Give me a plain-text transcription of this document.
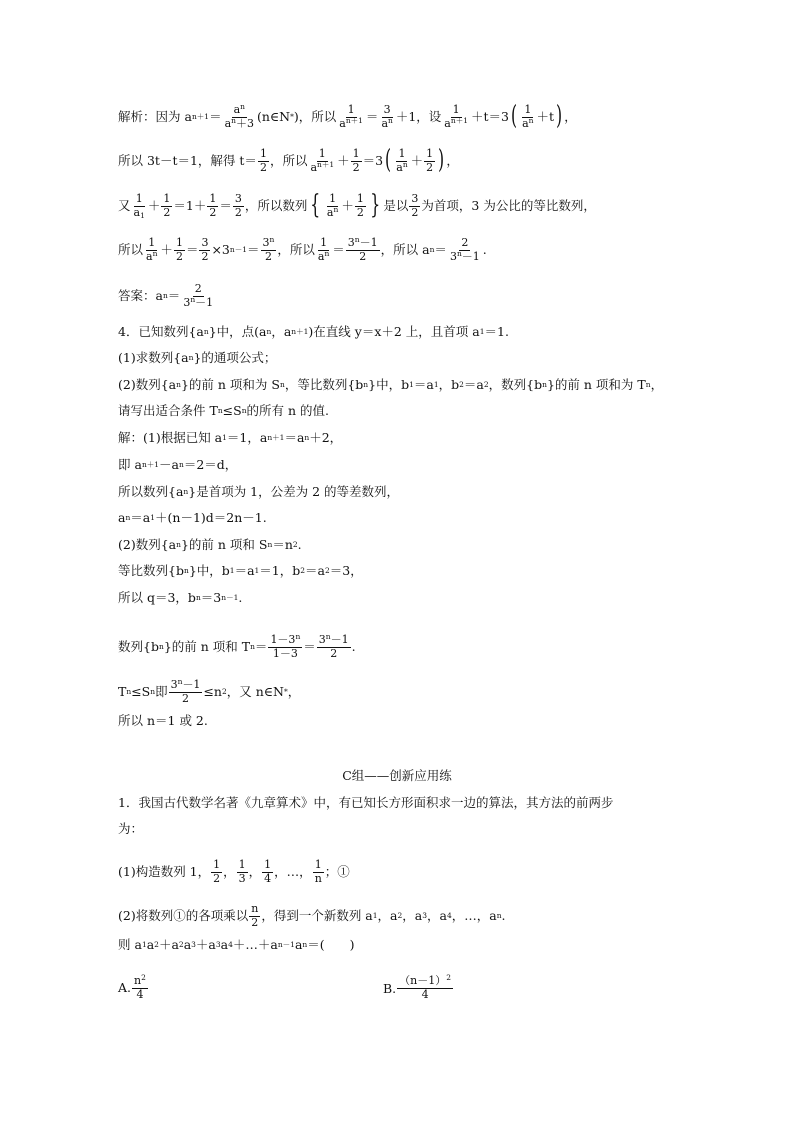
解析： 因为 a $n+1 = \frac{a^n}{a^n+3}$ (n∈N * )，所以 $\frac{1}{a^{n+1}} = \frac{3}{a^n} +1$，设 $\frac{1}{a^{n+1}} +t=3$ ( $\frac{1}{a^n} +t$ ) ，
所以 3t－t＝1，解得 $t= \frac{1}{2}$ ，所以 $\frac{1}{a^{n+1}} + \frac{1}{2} =3$ ( $\frac{1}{a^n} + \frac{1}{2}$ ) ，
又 $\frac{1}{a_1} + \frac{1}{2} =1+ \frac{1}{2} = \frac{3}{2}$ ，所以数列 { $\frac{1}{a^n} + \frac{1}{2}$ } 是以 $\frac{3}{2}$ 为首项，3 为公比的等比数列，
所以 $\frac{1}{a^n} + \frac{1}{2} = \frac{3}{2} \times 3$ $n-1 = \frac{3^n}{2}$ ，所以 $\frac{1}{a^n} = \frac{3^n-1}{2}$ ，所以 a $n = \frac{2}{3^n-1}$ .
答案：a $n = \frac{2}{3^n-1}$
4．已知数列{a n }中，点(a n ，a n＋1 )在直线 y＝x＋2 上，且首项 a 1 ＝1.
(1)求数列{a n }的通项公式；
(2)数列{a n }的前 n 项和为 S n ，等比数列{b n }中，b 1 ＝a 1 ，b 2 ＝a 2 ，数列{b n }的前 n 项和为 T n ，
请写出适合条件 T n ≤S n 的所有 n 的值.
解：(1)根据已知 a 1 ＝1，a n＋1 ＝a n ＋2，
即 a n＋1 －a n ＝2＝d，
所以数列{a n }是首项为 1，公差为 2 的等差数列，
a n ＝a 1 ＋(n－1)d＝2n－1.
(2)数列{a n }的前 n 项和 S n ＝n 2 .
等比数列{b n }中，b 1 ＝a 1 ＝1，b 2 ＝a 2 ＝3，
所以 q＝3，b n ＝3 n－1 .
数列{b n }的前 n 项和 T $n = \frac{1-3^n}{1-3} = \frac{3^n-1}{2}$ .
T n ≤S n 即 $\frac{3^n-1}{2} \le n$ 2 ，又 n∈N * ，
所以 n＝1 或 2.
C组——创新应用练
1．我国古代数学名著《九章算术》中，有已知长方形面积求一边的算法，其方法的前两步
为：
(1)构造数列 1， $\frac{1}{2}$ ， $\frac{1}{3}$ ， $\frac{1}{4}$ ，…， $\frac{1}{n}$ ；①
(2)将数列①的各项乘以 $\frac{n}{2}$ ，得到一个新数列 a 1 ，a 2 ，a 3 ，a 4 ，…，a n .
则 a 1 a 2 ＋a 2 a 3 ＋a 3 a 4 ＋…＋a n－1 a n ＝(　　)
A. $\frac{n^2}{4}$	B. $\frac{(n-1)^2}{4}$
